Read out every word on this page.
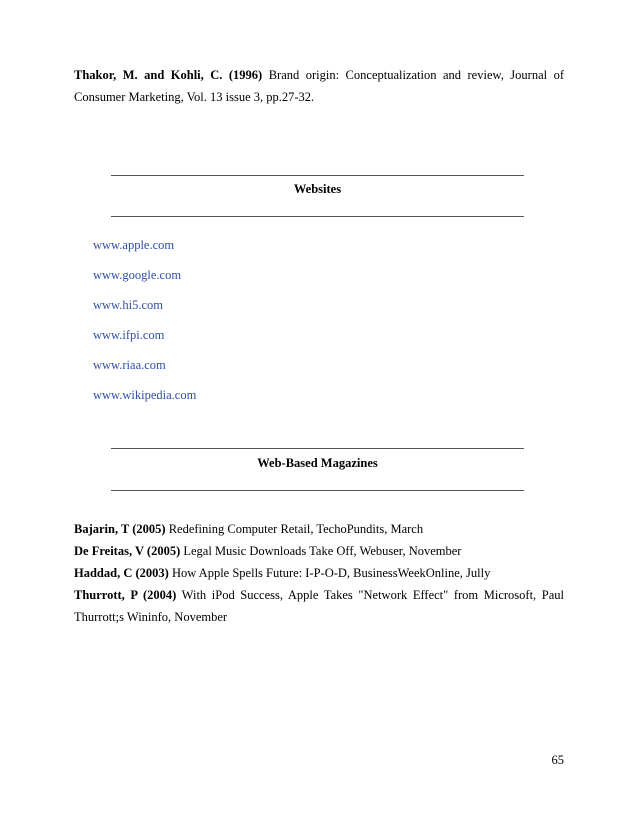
Thakor, M. and Kohli, C. (1996) Brand origin: Conceptualization and review, Journal of Consumer Marketing, Vol. 13 issue 3, pp.27-32.

Websites
www.apple.com
www.google.com
www.hi5.com
www.ifpi.com
www.riaa.com
www.wikipedia.com
Web-Based Magazines
Bajarin, T (2005) Redefining Computer Retail, TechoPundits, March
De Freitas, V (2005) Legal Music Downloads Take Off, Webuser, November
Haddad, C (2003) How Apple Spells Future: I-P-O-D, BusinessWeekOnline, Jully
Thurrott, P (2004) With iPod Success, Apple Takes "Network Effect" from Microsoft, Paul Thurrott;s Wininfo, November
65
